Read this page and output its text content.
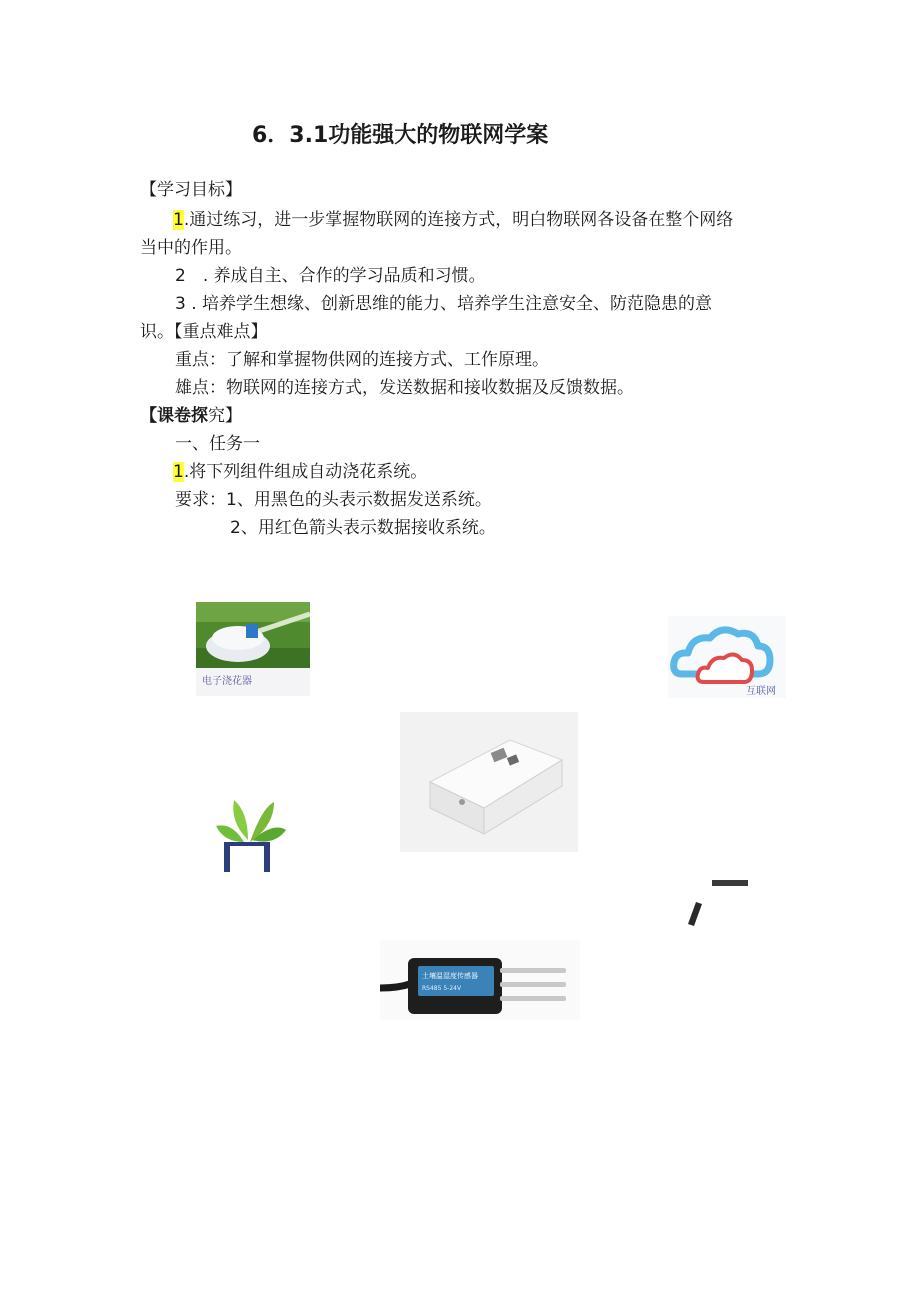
6．3.1功能强大的物联网学案
【学习目标】
1.通过练习，进一步掌握物联网的连接方式，明白物联网各设备在整个网络
当中的作用。
2　. 养成自主、合作的学习品质和习惯。
3 . 培养学生想缘、创新思维的能力、培养学生注意安全、防范隐患的意
识。【重点难点】
重点：了解和掌握物供网的连接方式、工作原理。
雄点：物联网的连接方式，发送数据和接收数据及反馈数据。
【课卷探究】
一、任务一
1.将下列组件组成自动浇花系统。
要求：1、用黑色的头表示数据发送系统。
2、用红色箭头表示数据接收系统。
电子浇花器
互联网
土壤温湿度传感器
RS485 5-24V
